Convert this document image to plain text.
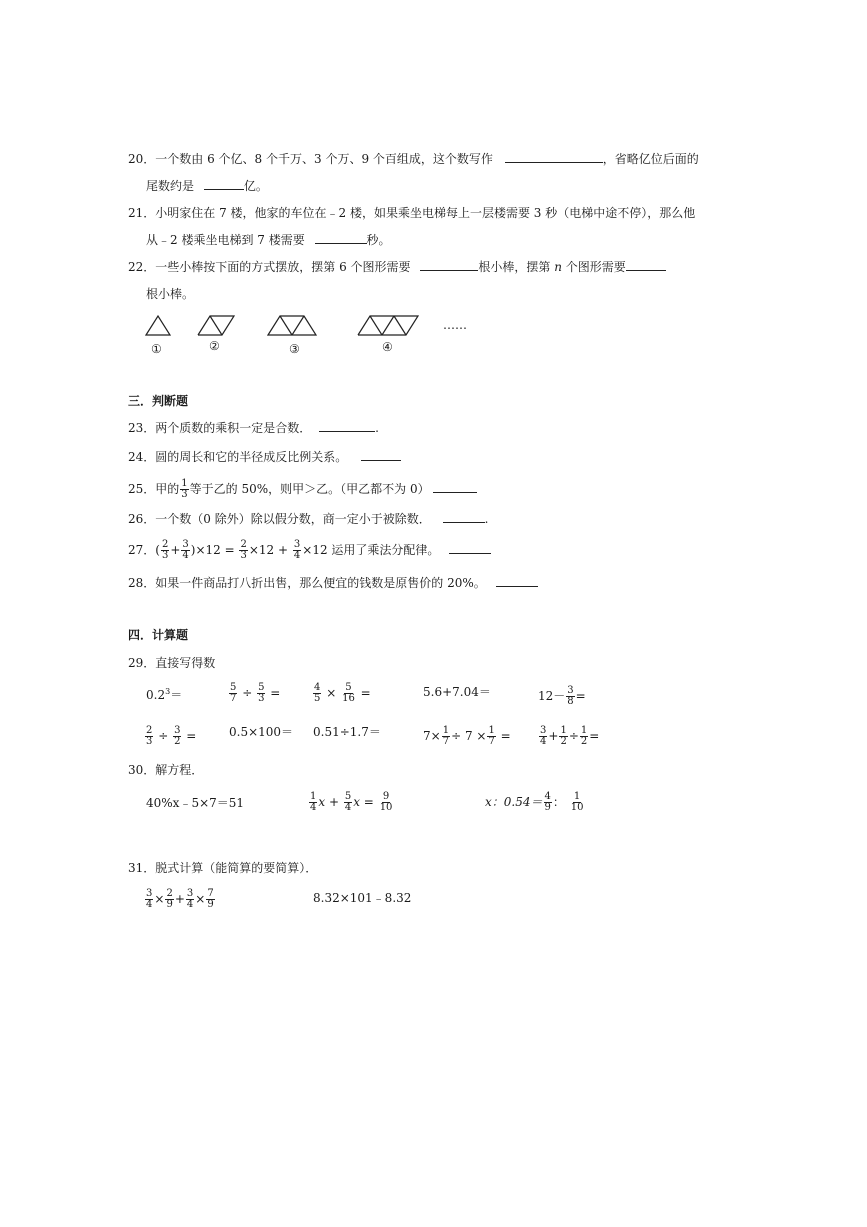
20．一个数由 6 个亿、8 个千万、3 个万、9 个百组成，这个数写作	，省略亿位后面的
尾数约是	亿。
21．小明家住在 7 楼，他家的车位在﹣2 楼，如果乘坐电梯每上一层楼需要 3 秒（电梯中途不停），那么他
从﹣2 楼乘坐电梯到 7 楼需要	秒。
22．一些小棒按下面的方式摆放，摆第 6 个图形需要	根小棒，摆第 n 个图形需要
根小棒。
①	②	③	④
……
三．判断题
23．两个质数的乘积一定是合数．	.
24．圆的周长和它的半径成反比例关系。
25．甲的 $\frac{1}{3}$ 等于乙的 50%，则甲＞乙。（甲乙都不为 0）
26．一个数（0 除外）除以假分数，商一定小于被除数．	.
27．( $\frac{2}{3} + \frac{3}{4} )\times 12 = \frac{2}{3} \times 12 + \frac{3}{4} \times 12$ 运用了乘法分配律。
28．如果一件商品打八折出售，那么便宜的钱数是原售价的 20%。
四．计算题
29．直接写得数
$0.2^3=$	$\frac{5}{7} \div \frac{5}{3}$ =	$\frac{4}{5} \times \frac{5}{16}$ =	5.6+7.04＝	$12- \frac{3}{8}$ =
$\frac{2}{3} \div \frac{3}{2}$ =	0.5×100＝ 0.51÷1.7＝	$7\times \frac{1}{7} \div 7 \times \frac{1}{7}$ =	$\frac{3}{4} + \frac{1}{2} \div \frac{1}{2}$ =
30．解方程．
40%x﹣5×7＝51	$\frac{1}{4}$ $x + \frac{5}{4}$ $x = \frac{9}{10}$	x：$0.54= \frac{4}{9}$ ： $\frac{1}{10}$
31．脱式计算（能简算的要简算）．
$\frac{3}{4} \times \frac{2}{9} + \frac{3}{4} \times \frac{7}{9}$	8.32×101﹣8.32
